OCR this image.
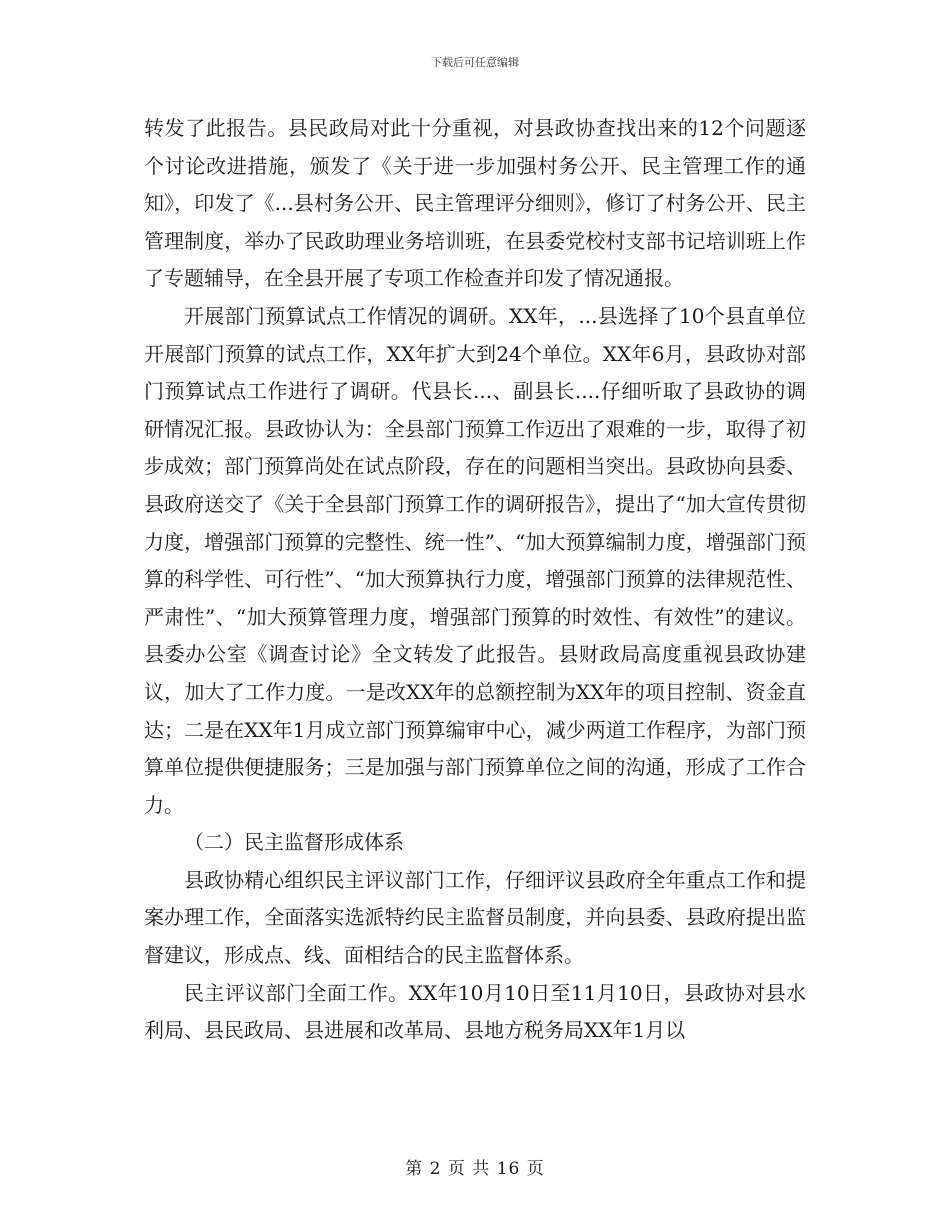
下载后可任意编辑

转发了此报告。县民政局对此十分重视，对县政协查找出来的12个问题逐个讨论改进措施，颁发了《关于进一步加强村务公开、民主管理工作的通知》，印发了《...县村务公开、民主管理评分细则》，修订了村务公开、民主管理制度，举办了民政助理业务培训班，在县委党校村支部书记培训班上作了专题辅导，在全县开展了专项工作检查并印发了情况通报。

开展部门预算试点工作情况的调研。XX年，...县选择了10个县直单位开展部门预算的试点工作，XX年扩大到24个单位。XX年6月，县政协对部门预算试点工作进行了调研。代县长...、副县长....仔细听取了县政协的调研情况汇报。县政协认为：全县部门预算工作迈出了艰难的一步，取得了初步成效；部门预算尚处在试点阶段，存在的问题相当突出。县政协向县委、县政府送交了《关于全县部门预算工作的调研报告》，提出了“加大宣传贯彻力度，增强部门预算的完整性、统一性”、“加大预算编制力度，增强部门预算的科学性、可行性”、“加大预算执行力度，增强部门预算的法律规范性、严肃性”、“加大预算管理力度，增强部门预算的时效性、有效性”的建议。县委办公室《调查讨论》全文转发了此报告。县财政局高度重视县政协建议，加大了工作力度。一是改XX年的总额控制为XX年的项目控制、资金直达；二是在XX年1月成立部门预算编审中心，减少两道工作程序，为部门预算单位提供便捷服务；三是加强与部门预算单位之间的沟通，形成了工作合力。

（二）民主监督形成体系

县政协精心组织民主评议部门工作，仔细评议县政府全年重点工作和提案办理工作，全面落实选派特约民主监督员制度，并向县委、县政府提出监督建议，形成点、线、面相结合的民主监督体系。

民主评议部门全面工作。XX年10月10日至11月10日，县政协对县水利局、县民政局、县进展和改革局、县地方税务局XX年1月以

第 2 页 共 16 页
